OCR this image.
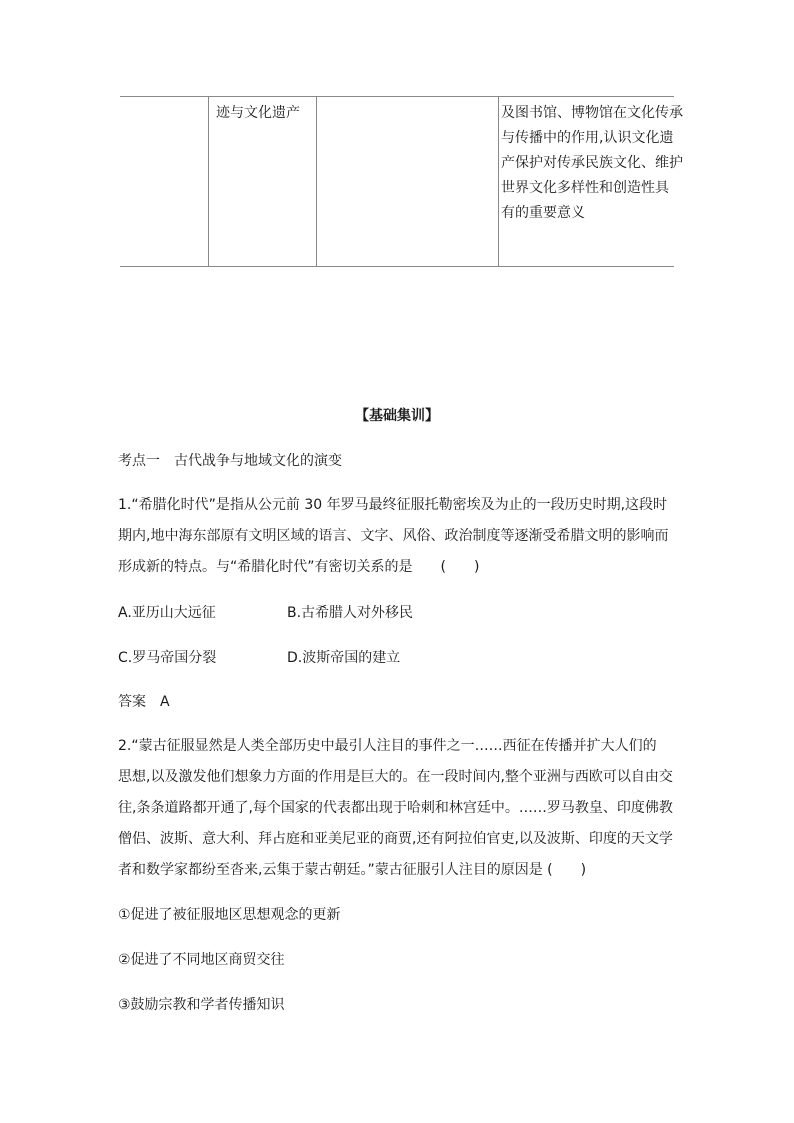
迹与文化遗产	及图书馆、博物馆在文化传承
与传播中的作用,认识文化遗
产保护对传承民族文化、维护
世界文化多样性和创造性具
有的重要意义
【基础集训】
考点一　古代战争与地域文化的演变
1.“希腊化时代”是指从公元前 30 年罗马最终征服托勒密埃及为止的一段历史时期,这段时
期内,地中海东部原有文明区域的语言、文字、风俗、政治制度等逐渐受希腊文明的影响而
形成新的特点。与“希腊化时代”有密切关系的是　　(　　)
A.亚历山大远征	B.古希腊人对外移民
C.罗马帝国分裂	D.波斯帝国的建立
答案　A
2.“蒙古征服显然是人类全部历史中最引人注目的事件之一……西征在传播并扩大人们的
思想,以及激发他们想象力方面的作用是巨大的。在一段时间内,整个亚洲与西欧可以自由交
往,条条道路都开通了,每个国家的代表都出现于哈刺和林宫廷中。……罗马教皇、印度佛教
僧侣、波斯、意大利、拜占庭和亚美尼亚的商贾,还有阿拉伯官吏,以及波斯、印度的天文学
者和数学家都纷至沓来,云集于蒙古朝廷。”蒙古征服引人注目的原因是 (　　)
①促进了被征服地区思想观念的更新
②促进了不同地区商贸交往
③鼓励宗教和学者传播知识
